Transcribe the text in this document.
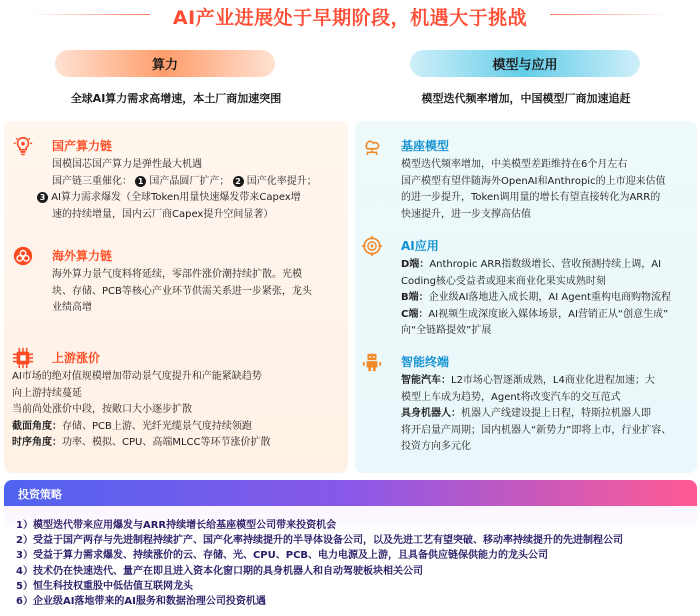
AI产业进展处于早期阶段，机遇大于挑战
算力	模型与应用
全球AI算力需求高增速，本土厂商加速突围	模型迭代频率增加，中国模型厂商加速追赶
国产算力链

国模国芯国产算力是弹性最大机遇

国产链三重催化： 1 国产晶圆厂扩产； 2 国产化率提升；

3 AI算力需求爆发（全球Token用量快速爆发带来Capex增

速的持续增量，国内云厂商Capex提升空间显著）

海外算力链

海外算力景气度料将延续，零部件涨价潮持续扩散。光模

块、存储、PCB等核心产业环节供需关系进一步紧张，龙头

业绩高增

上游涨价

AI市场的绝对值规模增加带动景气度提升和产能紧缺趋势

向上游持续蔓延

当前尚处涨价中段，按敞口大小逐步扩散

截面角度：存储、PCB上游、光纤光缆景气度持续领跑

时序角度：功率、模拟、CPU、高端MLCC等环节涨价扩散

基座模型

模型迭代频率增加，中美模型差距维持在6个月左右

国产模型有望伴随海外OpenAI和Anthropic的上市迎来估值

的进一步提升，Token调用量的增长有望直接转化为ARR的

快速提升，进一步支撑高估值

AI应用

D端：Anthropic ARR指数级增长、营收预测持续上调，AI

Coding核心受益者或迎来商业化果实成熟时刻

B端：企业级AI落地进入成长期，AI Agent重构电商购物流程

C端：AI视频生成深度嵌入媒体场景，AI营销正从“创意生成”

向“全链路提效”扩展

智能终端

智能汽车：L2市场心智逐渐成熟，L4商业化进程加速；大

模型上车成为趋势，Agent将改变汽车的交互范式

具身机器人：机器人产线建设提上日程，特斯拉机器人即

将开启量产周期；国内机器人“新势力”即将上市，行业扩容、

投资方向多元化

投资策略
1）模型迭代带来应用爆发与ARR持续增长给基座模型公司带来投资机会
2）受益于国产两存与先进制程持续扩产、国产化率持续提升的半导体设备公司，以及先进工艺有望突破、移动率持续提升的先进制程公司
3）受益于算力需求爆发、持续涨价的云、存储、光、CPU、PCB、电力电源及上游，且具备供应链保供能力的龙头公司
4）技术仍在快速迭代、量产在即且进入资本化窗口期的具身机器人和自动驾驶板块相关公司
5）恒生科技权重股中低估值互联网龙头
6）企业级AI落地带来的AI服务和数据治理公司投资机遇
